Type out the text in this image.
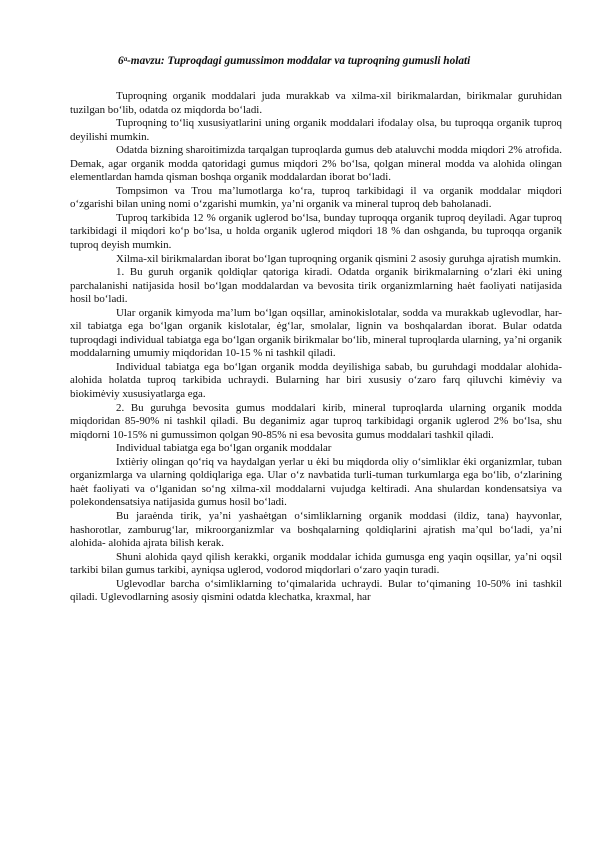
6ᵃ-mavzu: Tuproqdagi gumussimon moddalar va tuproqning gumusli holati

Tuproqning organik moddalari juda murakkab va xilma-xil birikmalardan, birikmalar guruhidan tuzilgan bo‘lib, odatda oz miqdorda bo‘ladi.

Tuproqning to‘liq xususiyatlarini uning organik moddalari ifodalay olsa, bu tuproqqa organik tuproq deyilishi mumkin.

Odatda bizning sharoitimizda tarqalgan tuproqlarda gumus deb ataluvchi modda miqdori 2% atrofida. Demak, agar organik modda qatoridagi gumus miqdori 2% bo‘lsa, qolgan mineral modda va alohida olingan elementlardan hamda qisman boshqa organik moddalardan iborat bo‘ladi.

Tompsimon va Trou ma’lumotlarga ko‘ra, tuproq tarkibidagi il va organik moddalar miqdori o‘zgarishi bilan uning nomi o‘zgarishi mumkin, ya’ni organik va mineral tuproq deb baholanadi.

Tuproq tarkibida 12 % organik uglerod bo‘lsa, bunday tuproqqa organik tuproq deyiladi. Agar tuproq tarkibidagi il miqdori ko‘p bo‘lsa, u holda organik uglerod miqdori 18 % dan oshganda, bu tuproqqa organik tuproq deyish mumkin.

Xilma-xil birikmalardan iborat bo‘lgan tuproqning organik qismini 2 asosiy guruhga ajratish mumkin.

1. Bu guruh organik qoldiqlar qatoriga kiradi. Odatda organik birikmalarning o‘zlari ėki uning parchalanishi natijasida hosil bo‘lgan moddalardan va bevosita tirik organizmlarning haėt faoliyati natijasida hosil bo‘ladi.

Ular organik kimyoda ma’lum bo‘lgan oqsillar, aminokislotalar, sodda va murakkab uglevodlar, har-xil tabiatga ega bo‘lgan organik kislotalar, ėg‘lar, smolalar, lignin va boshqalardan iborat. Bular odatda tuproqdagi individual tabiatga ega bo‘lgan organik birikmalar bo‘lib, mineral tuproqlarda ularning, ya’ni organik moddalarning umumiy miqdoridan 10-15 % ni tashkil qiladi.

Individual tabiatga ega bo‘lgan organik modda deyilishiga sabab, bu guruhdagi moddalar alohida-alohida holatda tuproq tarkibida uchraydi. Bularning har biri xususiy o‘zaro farq qiluvchi kimėviy va biokimėviy xususiyatlarga ega.

2. Bu guruhga bevosita gumus moddalari kirib, mineral tuproqlarda ularning organik modda miqdoridan 85-90% ni tashkil qiladi. Bu deganimiz agar tuproq tarkibidagi organik uglerod 2% bo‘lsa, shu miqdorni 10-15% ni gumussimon qolgan 90-85% ni esa bevosita gumus moddalari tashkil qiladi.

Individual tabiatga ega bo‘lgan organik moddalar

Ixtièriy olingan qo‘riq va haydalgan yerlar u ėki bu miqdorda oliy o‘simliklar ėki organizmlar, tuban organizmlarga va ularning qoldiqlariga ega. Ular o‘z navbatida turli-tuman turkumlarga ega bo‘lib, o‘zlarining haėt faoliyati va o‘lganidan so‘ng xilma-xil moddalarni vujudga keltiradi. Ana shulardan kondensatsiya va polekondensatsiya natijasida gumus hosil bo‘ladi.

Bu jaraėnda tirik, ya’ni yashaėtgan o‘simliklarning organik moddasi (ildiz, tana) hayvonlar, hashorotlar, zamburug‘lar, mikroorganizmlar va boshqalarning qoldiqlarini ajratish ma’qul bo‘ladi, ya’ni alohida- alohida ajrata bilish kerak.

Shuni alohida qayd qilish kerakki, organik moddalar ichida gumusga eng yaqin oqsillar, ya’ni oqsil tarkibi bilan gumus tarkibi, ayniqsa uglerod, vodorod miqdorlari o‘zaro yaqin turadi.

Uglevodlar barcha o‘simliklarning to‘qimalarida uchraydi. Bular to‘qimaning 10-50% ini tashkil qiladi. Uglevodlarning asosiy qismini odatda klechatka, kraxmal, har
